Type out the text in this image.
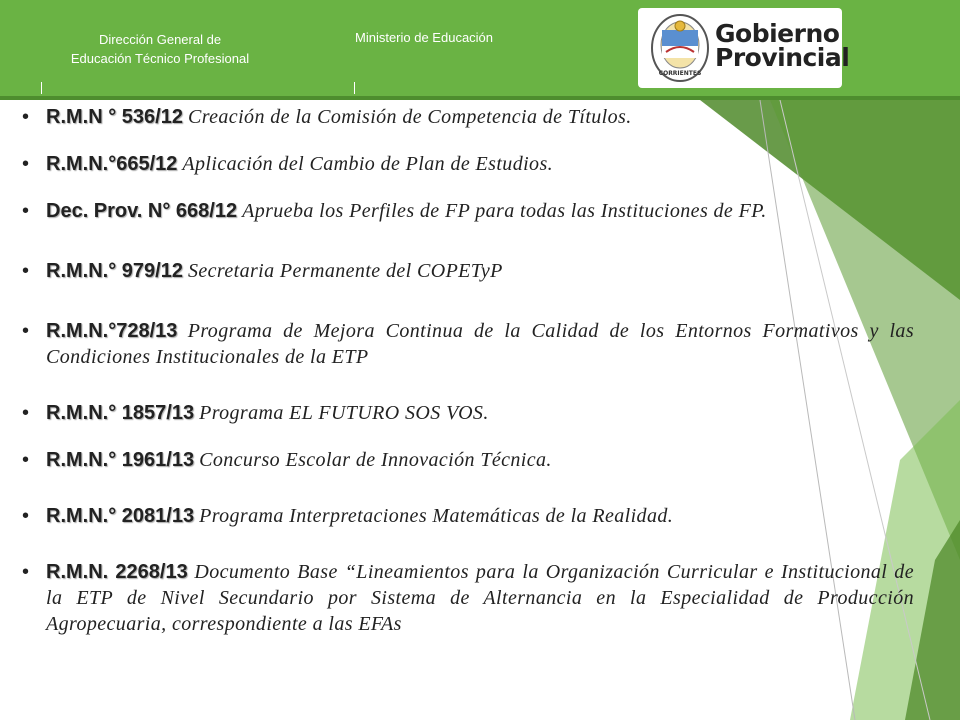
Dirección General de
Educación Técnico Profesional
Ministerio de Educación
CORRIENTES
Gobierno
Provincial
• R.M.N ° 536/12 Creación de la Comisión de Competencia de Títulos.
• R.M.N.°665/12 Aplicación del Cambio de Plan de Estudios.
• Dec. Prov. N° 668/12 Aprueba los Perfiles de FP para todas las Instituciones de FP.
• R.M.N.° 979/12 Secretaria Permanente del COPETyP
• R.M.N.°728/13 Programa de Mejora Continua de la Calidad de los Entornos Formativos y las Condiciones Institucionales de la ETP
• R.M.N.° 1857/13 Programa EL FUTURO SOS VOS.
• R.M.N.° 1961/13 Concurso Escolar de Innovación Técnica.
• R.M.N.° 2081/13 Programa Interpretaciones Matemáticas de la Realidad.
• R.M.N. 2268/13 Documento Base “Lineamientos para la Organización Curricular e Institucional de la ETP de Nivel Secundario por Sistema de Alternancia en la Especialidad de Producción Agropecuaria, correspondiente a las EFAs
